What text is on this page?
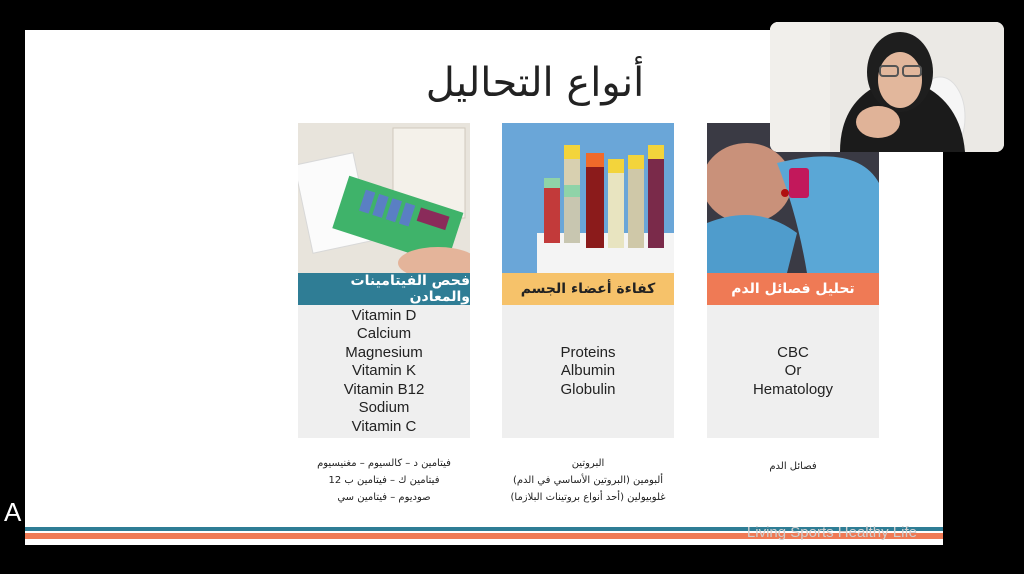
أنواع التحاليل
فحص الفيتامينات والمعادن
Vitamin D
Calcium
Magnesium
Vitamin K
Vitamin B12
Sodium
Vitamin C
كفاءة أعضاء الجسم
Proteins
Albumin
Globulin
تحليل فصائل الدم
CBC
Or
Hematology
فيتامين د – كالسيوم – مغنيسيوم
فيتامين ك – فيتامين ب 12
صوديوم – فيتامين سي
البروتين
ألبومين (البروتين الأساسي في الدم)
غلوبيولين (أحد أنواع بروتينات البلازما)
فصائل الدم
Living Sports Healthy Life
A
